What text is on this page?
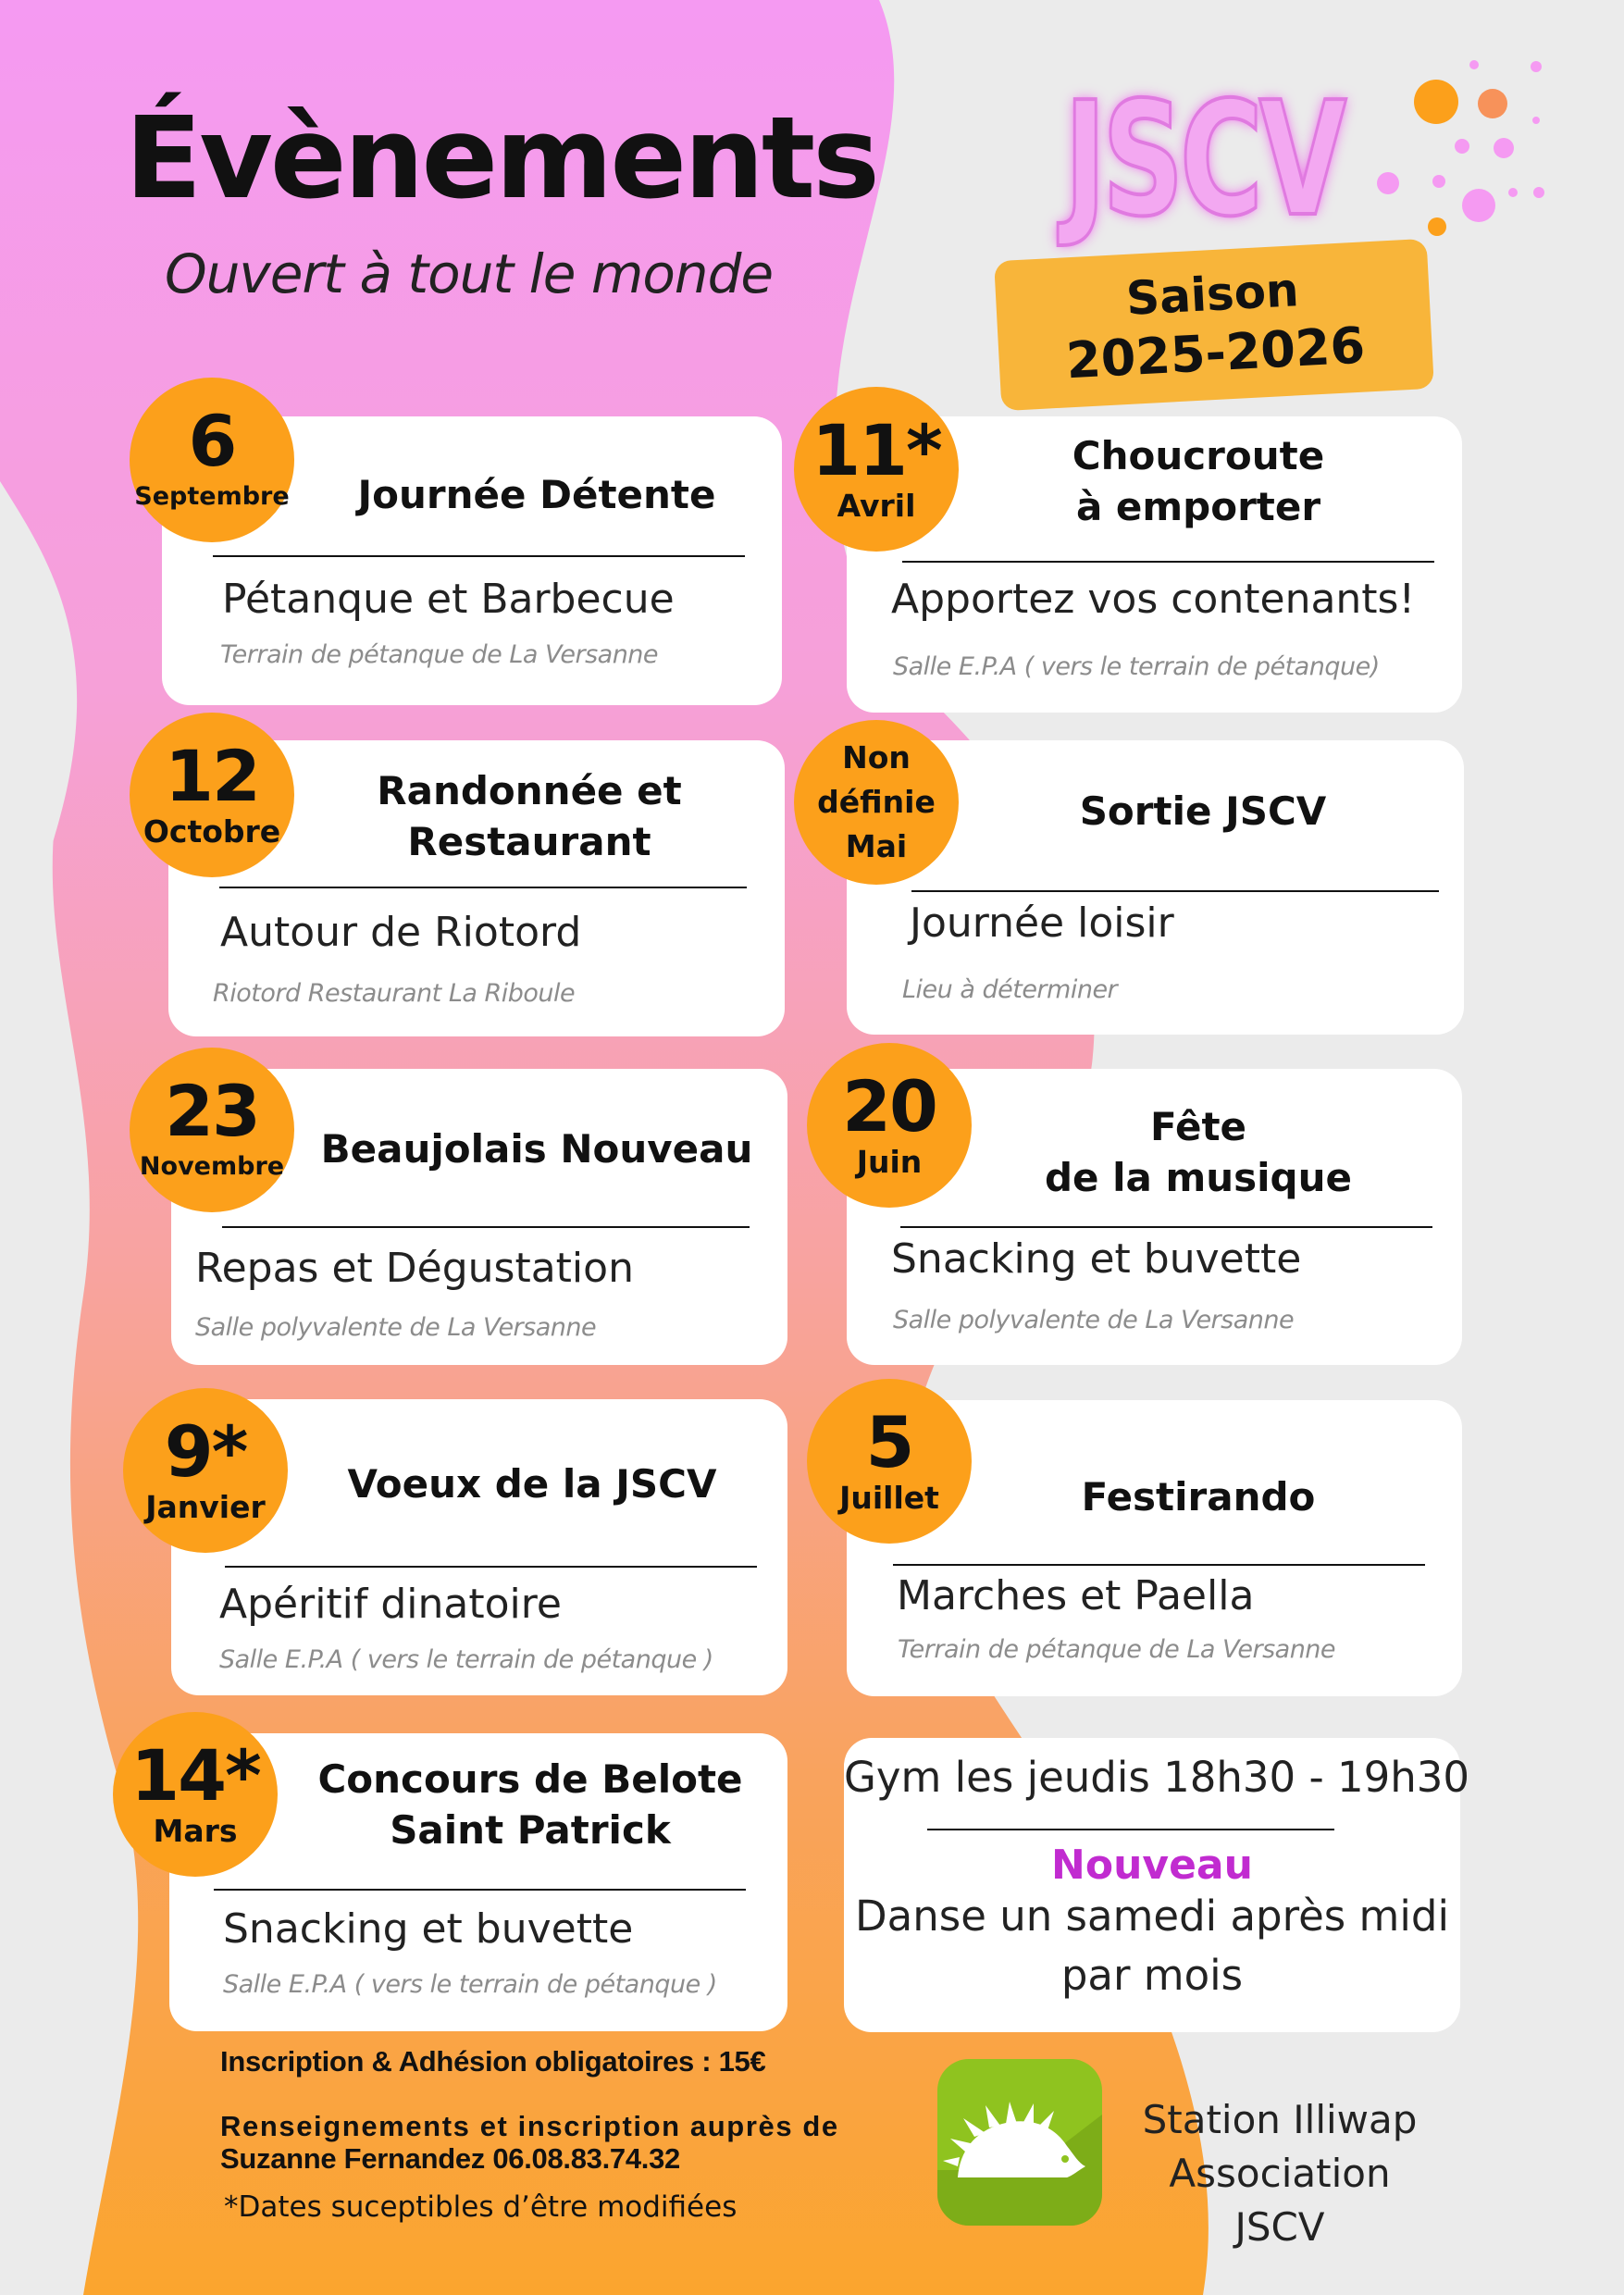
Évènements
Ouvert à tout le monde
JSCV
Saison
2025-2026
Journée Détente
Pétanque et Barbecue
Terrain de pétanque de La Versanne
6
Septembre
Randonnée et
Restaurant
Autour de Riotord
Riotord Restaurant La Riboule
12
Octobre
Beaujolais Nouveau
Repas et Dégustation
Salle polyvalente de La Versanne
23
Novembre
Voeux de la JSCV
Apéritif dinatoire
Salle E.P.A ( vers le terrain de pétanque )
9*
Janvier
Concours de Belote
Saint Patrick
Snacking et buvette
Salle E.P.A ( vers le terrain de pétanque )
14*
Mars
Choucroute
à emporter
Apportez vos contenants!
Salle E.P.A ( vers le terrain de pétanque)
11*
Avril
Sortie JSCV
Journée loisir
Lieu à déterminer
Non
définie
Mai
Fête
de la musique
Snacking et buvette
Salle polyvalente de La Versanne
20
Juin
Festirando
Marches et Paella
Terrain de pétanque de La Versanne
5
Juillet
Gym les jeudis 18h30 - 19h30
Nouveau
Danse un samedi après midi
par mois
Inscription & Adhésion obligatoires : 15€
Renseignements et inscription auprès de
Suzanne Fernandez 06.08.83.74.32
*Dates suceptibles d’être modifiées
Station Illiwap
Association JSCV
